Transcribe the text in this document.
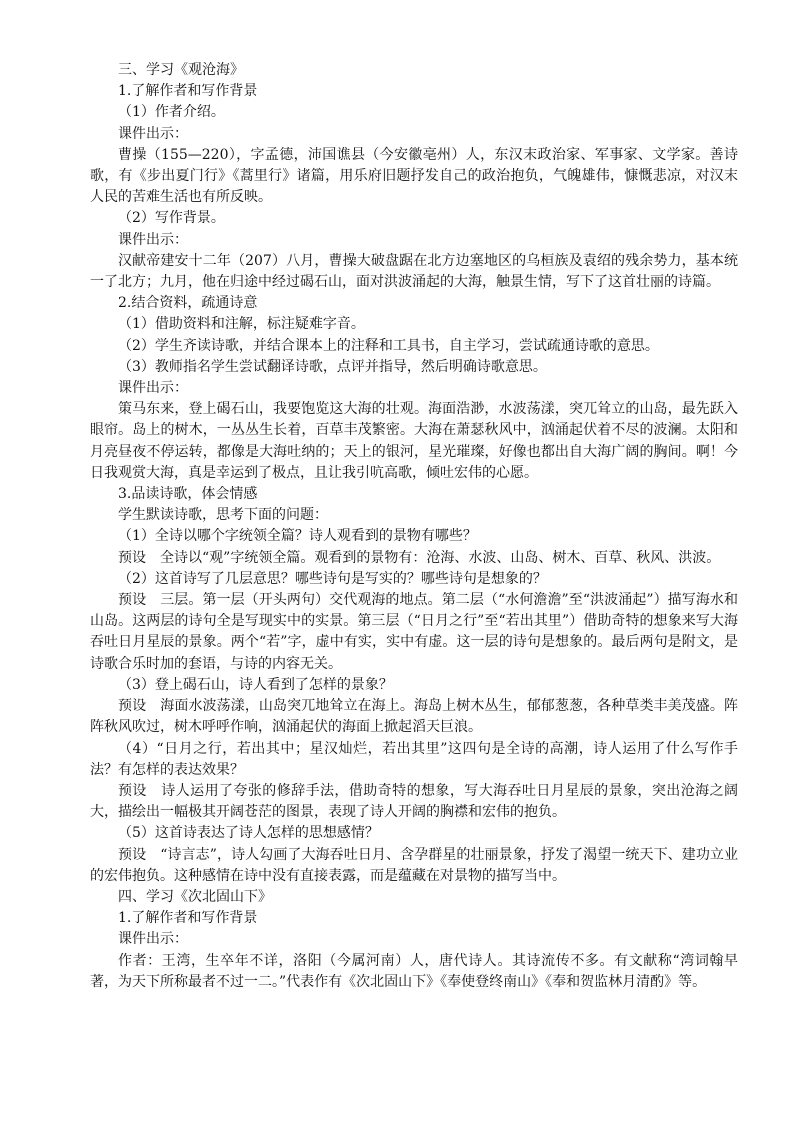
三、学习《观沧海》

1.了解作者和写作背景

（1）作者介绍。

课件出示：

曹操（155—220），字孟德，沛国谯县（今安徽亳州）人，东汉末政治家、军事家、文学家。善诗歌，有《步出夏门行》《蒿里行》诸篇，用乐府旧题抒发自己的政治抱负，气魄雄伟，慷慨悲凉，对汉末人民的苦难生活也有所反映。

（2）写作背景。

课件出示：

汉献帝建安十二年（207）八月，曹操大破盘踞在北方边塞地区的乌桓族及袁绍的残余势力，基本统一了北方；九月，他在归途中经过碣石山，面对洪波涌起的大海，触景生情，写下了这首壮丽的诗篇。

2.结合资料，疏通诗意

（1）借助资料和注解，标注疑难字音。

（2）学生齐读诗歌，并结合课本上的注释和工具书，自主学习，尝试疏通诗歌的意思。

（3）教师指名学生尝试翻译诗歌，点评并指导，然后明确诗歌意思。

课件出示：

策马东来，登上碣石山，我要饱览这大海的壮观。海面浩渺，水波荡漾，突兀耸立的山岛，最先跃入眼帘。岛上的树木，一丛丛生长着，百草丰茂繁密。大海在萧瑟秋风中，汹涌起伏着不尽的波澜。太阳和月亮昼夜不停运转，都像是大海吐纳的；天上的银河，星光璀璨，好像也都出自大海广阔的胸间。啊！今日我观赏大海，真是幸运到了极点，且让我引吭高歌，倾吐宏伟的心愿。

3.品读诗歌，体会情感

学生默读诗歌，思考下面的问题：

（1）全诗以哪个字统领全篇？诗人观看到的景物有哪些？

预设　全诗以“观”字统领全篇。观看到的景物有：沧海、水波、山岛、树木、百草、秋风、洪波。

（2）这首诗写了几层意思？哪些诗句是写实的？哪些诗句是想象的？

预设　三层。第一层（开头两句）交代观海的地点。第二层（“水何澹澹”至“洪波涌起”）描写海水和山岛。这两层的诗句全是写现实中的实景。第三层（“日月之行”至“若出其里”）借助奇特的想象来写大海吞吐日月星辰的景象。两个“若”字，虚中有实，实中有虚。这一层的诗句是想象的。最后两句是附文，是诗歌合乐时加的套语，与诗的内容无关。

（3）登上碣石山，诗人看到了怎样的景象？

预设　海面水波荡漾，山岛突兀地耸立在海上。海岛上树木丛生，郁郁葱葱，各种草类丰美茂盛。阵阵秋风吹过，树木呼呼作响，汹涌起伏的海面上掀起滔天巨浪。

（4）“日月之行，若出其中；星汉灿烂，若出其里”这四句是全诗的高潮，诗人运用了什么写作手法？有怎样的表达效果？

预设　诗人运用了夸张的修辞手法，借助奇特的想象，写大海吞吐日月星辰的景象，突出沧海之阔大，描绘出一幅极其开阔苍茫的图景，表现了诗人开阔的胸襟和宏伟的抱负。

（5）这首诗表达了诗人怎样的思想感情？

预设　“诗言志”，诗人勾画了大海吞吐日月、含孕群星的壮丽景象，抒发了渴望一统天下、建功立业的宏伟抱负。这种感情在诗中没有直接表露，而是蕴藏在对景物的描写当中。

四、学习《次北固山下》

1.了解作者和写作背景

课件出示：

作者：王湾，生卒年不详，洛阳（今属河南）人，唐代诗人。其诗流传不多。有文献称“湾词翰早著，为天下所称最者不过一二。”代表作有《次北固山下》《奉使登终南山》《奉和贺监林月清酌》等。
